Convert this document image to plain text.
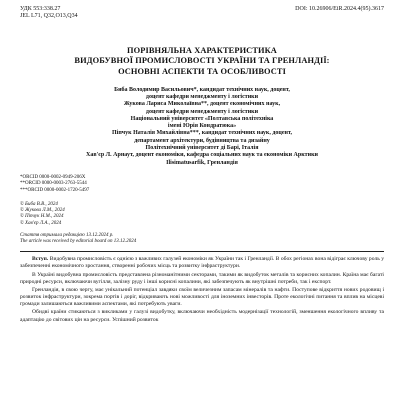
УДК 553:338.27
JEL L71, Q32,O13,Q34
DOI: 10.26906/EiR.2024.4(95).3617
ПОРІВНЯЛЬНА ХАРАКТЕРИСТИКА
ВИДОБУВНОЇ ПРОМИСЛОВОСТІ УКРАЇНИ ТА ГРЕНЛАНДІЇ:
ОСНОВНІ АСПЕКТИ ТА ОСОБЛИВОСТІ
Биба Володимир Васильович*, кандидат технічних наук, доцент,
доцент кафедри менеджменту і логістики
Жукова Лариса Миколаївна**, доцент економічних наук,
доцент кафедри менеджменту і логістики
Національний університет «Полтавська політехніка
імені Юрія Кондратюка»
Піпчук Наталія Михайлівна***, кандидат технічних наук, доцент,
департамент архітектури, будівництва та дизайну
Політехнічний університет ді Барі, Італія
Хав'єр Л. Арнаут, доцент економіки, кафедра соціальних наук та економіки Арктики
Ilisimatusarfik, Гренландія
*ORCID 0000-0002-0949-206X
**ORCID 0000-0003-2763-5544
***ORCID 0000-0002-1720-5497
© Биба В.В., 2024
© Жукова Л.М., 2024
© Піпчук Н.М., 2024
© Хав'єр Л.А., 2024
Стаття отримала редакцією 13.12.2024 р.
The article was received by editorial board on 13.12.2024

Вступ. Видобувна промисловість є однією з важливих галузей економіки як України так і Гренландії. В обох регіонах вона відіграє ключову роль у забезпеченні економічного зростання, створенні робочих місць та розвитку інфраструктури.

В Україні видобувна промисловість представлена різноманітними секторами, такими як видобуток металів та корисних копалин. Країна має багаті природні ресурси, включаючи вугілля, залізну руду і інші корисні копалини, які забезпечують як внутрішні потреби, так і експорт.

Гренландія, в свою чергу, має унікальний потенціал завдяки своїм величезним запасам мінералів та нафти. Поступове відкриття нових родовищ і розвиток інфраструктури, зокрема портів і доріг, відкривають нові можливості для іноземних інвесторів. Проте екологічні питання та вплив на місцеві громади залишаються важливими аспектами, які потребують уваги.

Обидві країни стикаються з викликами у галузі видобутку, включаючи необхідність модернізації технологій, зменшення екологічного впливу та адаптацію до світових цін на ресурси. Успішний розвиток
